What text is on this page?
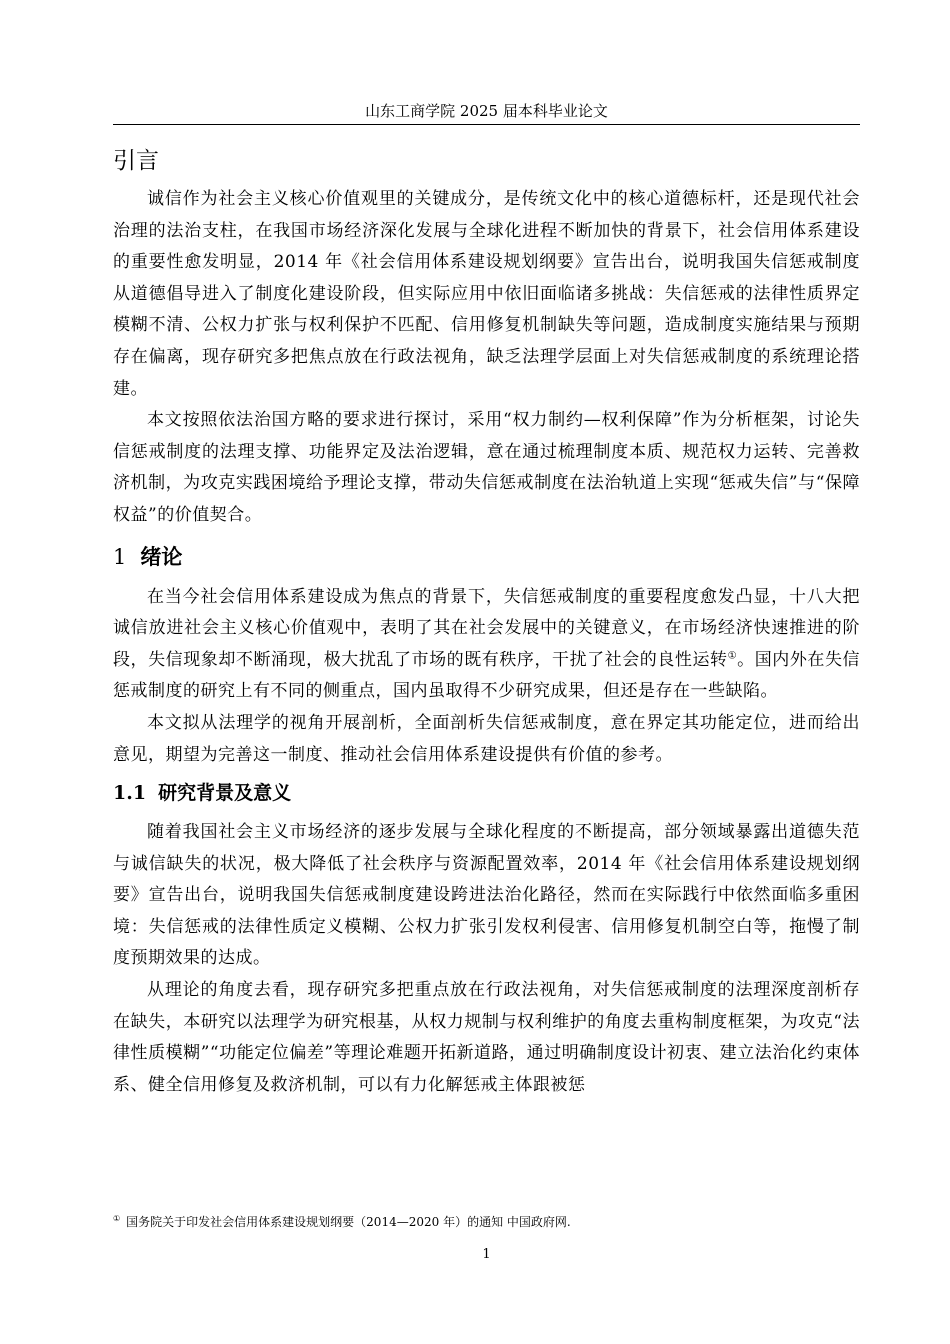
山东工商学院 2025 届本科毕业论文
引言

诚信作为社会主义核心价值观里的关键成分，是传统文化中的核心道德标杆，还是现代社会治理的法治支柱，在我国市场经济深化发展与全球化进程不断加快的背景下，社会信用体系建设的重要性愈发明显，2014 年《社会信用体系建设规划纲要》宣告出台，说明我国失信惩戒制度从道德倡导进入了制度化建设阶段，但实际应用中依旧面临诸多挑战：失信惩戒的法律性质界定模糊不清、公权力扩张与权利保护不匹配、信用修复机制缺失等问题，造成制度实施结果与预期存在偏离，现存研究多把焦点放在行政法视角，缺乏法理学层面上对失信惩戒制度的系统理论搭建。

本文按照依法治国方略的要求进行探讨，采用“权力制约—权利保障”作为分析框架，讨论失信惩戒制度的法理支撑、功能界定及法治逻辑，意在通过梳理制度本质、规范权力运转、完善救济机制，为攻克实践困境给予理论支撑，带动失信惩戒制度在法治轨道上实现“惩戒失信”与“保障权益”的价值契合。

1 绪论

在当今社会信用体系建设成为焦点的背景下，失信惩戒制度的重要程度愈发凸显，十八大把诚信放进社会主义核心价值观中，表明了其在社会发展中的关键意义，在市场经济快速推进的阶段，失信现象却不断涌现，极大扰乱了市场的既有秩序，干扰了社会的良性运转①。国内外在失信惩戒制度的研究上有不同的侧重点，国内虽取得不少研究成果，但还是存在一些缺陷。

本文拟从法理学的视角开展剖析，全面剖析失信惩戒制度，意在界定其功能定位，进而给出意见，期望为完善这一制度、推动社会信用体系建设提供有价值的参考。

1.1 研究背景及意义

随着我国社会主义市场经济的逐步发展与全球化程度的不断提高，部分领域暴露出道德失范与诚信缺失的状况，极大降低了社会秩序与资源配置效率，2014 年《社会信用体系建设规划纲要》宣告出台，说明我国失信惩戒制度建设跨进法治化路径，然而在实际践行中依然面临多重困境：失信惩戒的法律性质定义模糊、公权力扩张引发权利侵害、信用修复机制空白等，拖慢了制度预期效果的达成。

从理论的角度去看，现存研究多把重点放在行政法视角，对失信惩戒制度的法理深度剖析存在缺失，本研究以法理学为研究根基，从权力规制与权利维护的角度去重构制度框架，为攻克“法律性质模糊”“功能定位偏差”等理论难题开拓新道路，通过明确制度设计初衷、建立法治化约束体系、健全信用修复及救济机制，可以有力化解惩戒主体跟被惩

① 国务院关于印发社会信用体系建设规划纲要（2014—2020 年）的通知 中国政府网.
1
